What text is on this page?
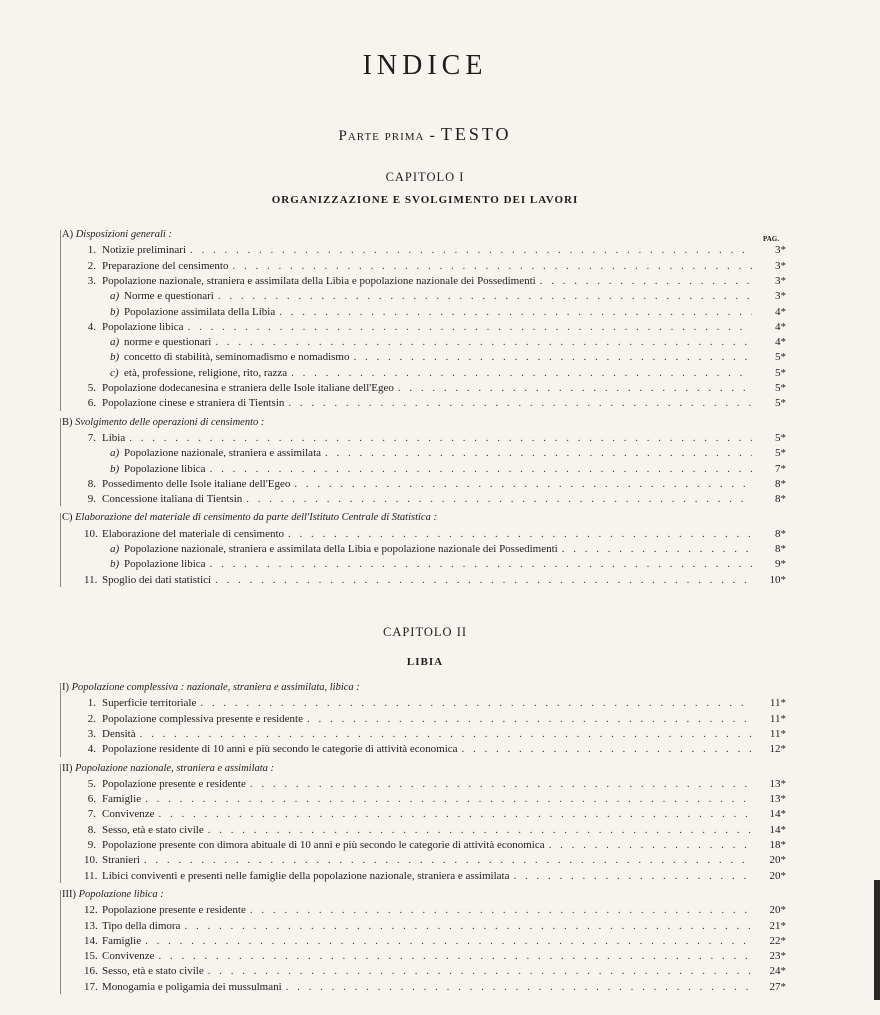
INDICE
Parte prima - TESTO
PAG.
CAPITOLO I
ORGANIZZAZIONE E SVOLGIMENTO DEI LAVORI
A) Disposizioni generali :
1. Notizie preliminari . . .	3*
2. Preparazione del censimento . . .	3*
3. Popolazione nazionale, straniera e assimilata della Libia e popolazione nazionale dei Possedimenti . . .	3*
a) Norme e questionari . . .	3*
b) Popolazione assimilata della Libia . . .	4*
4. Popolazione libica . . .	4*
a) norme e questionari . . .	4*
b) concetto di stabilità, seminomadismo e nomadismo . . .	5*
c) età, professione, religione, rito, razza . . .	5*
5. Popolazione dodecanesina e straniera delle Isole italiane dell'Egeo . . .	5*
6. Popolazione cinese e straniera di Tientsin . . .	5*
B) Svolgimento delle operazioni di censimento :
7. Libia . . .	5*
a) Popolazione nazionale, straniera e assimilata . . .	5*
b) Popolazione libica . . .	7*
8. Possedimento delle Isole italiane dell'Egeo . . .	8*
9. Concessione italiana di Tientsin . . .	8*
C) Elaborazione del materiale di censimento da parte dell'Istituto Centrale di Statistica :
10. Elaborazione del materiale di censimento . . .	8*
a) Popolazione nazionale, straniera e assimilata della Libia e popolazione nazionale dei Possedimenti . . .	8*
b) Popolazione libica . . .	9*
11. Spoglio dei dati statistici . . .	10*
CAPITOLO II
LIBIA
I) Popolazione complessiva : nazionale, straniera e assimilata, libica :
1. Superficie territoriale . . .	11*
2. Popolazione complessiva presente e residente . . .	11*
3. Densità . . .	11*
4. Popolazione residente di 10 anni e più secondo le categorie di attività economica . . .	12*
II) Popolazione nazionale, straniera e assimilata :
5. Popolazione presente e residente . . .	13*
6. Famiglie . . .	13*
7. Convivenze . . .	14*
8. Sesso, età e stato civile . . .	14*
9. Popolazione presente con dimora abituale di 10 anni e più secondo le categorie di attività economica . . .	18*
10. Stranieri . . .	20*
11. Libici conviventi e presenti nelle famiglie della popolazione nazionale, straniera e assimilata . . .	20*
III) Popolazione libica :
12. Popolazione presente e residente . . .	20*
13. Tipo della dimora . . .	21*
14. Famiglie . . .	22*
15. Convivenze . . .	23*
16. Sesso, età e stato civile . . .	24*
17. Monogamia e poligamia dei mussulmani . . .	27*
